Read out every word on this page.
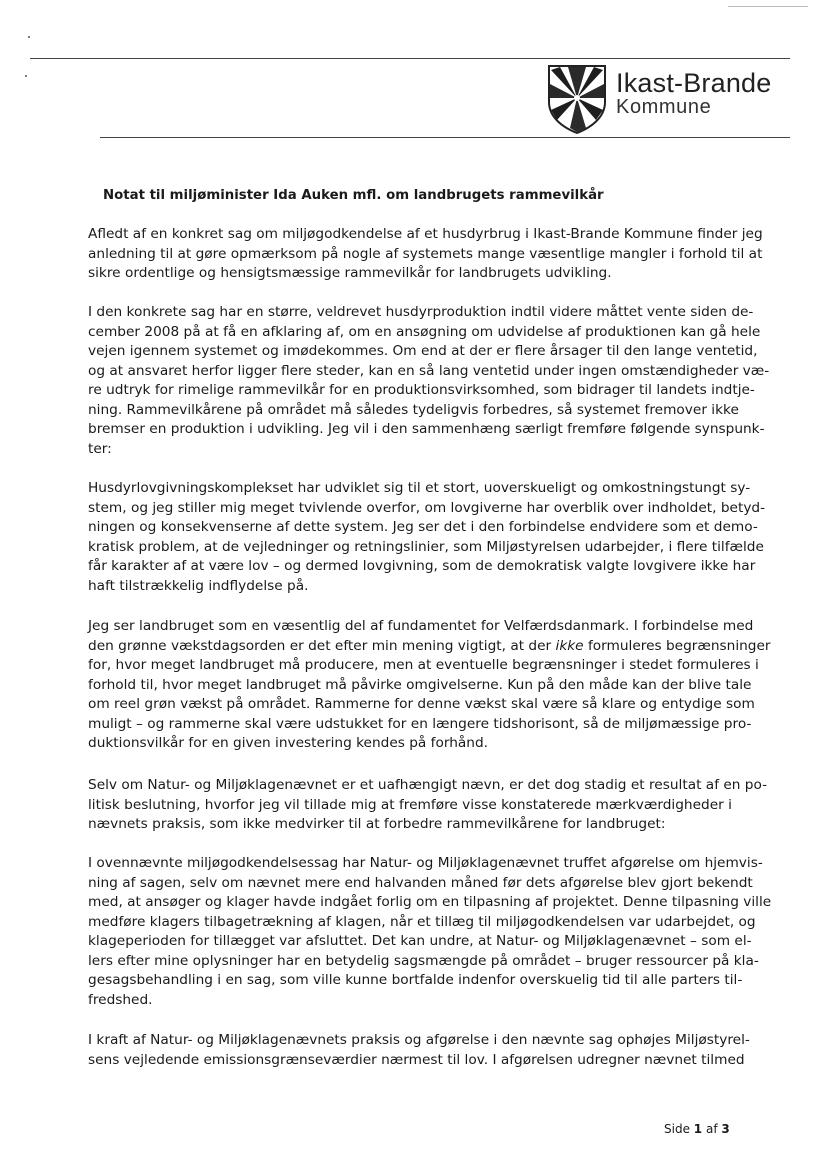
Ikast-Brande
Kommune
Notat til miljøminister Ida Auken mfl. om landbrugets rammevilkår
Afledt af en konkret sag om miljøgodkendelse af et husdyrbrug i Ikast-Brande Kommune finder jeg
anledning til at gøre opmærksom på nogle af systemets mange væsentlige mangler i forhold til at
sikre ordentlige og hensigtsmæssige rammevilkår for landbrugets udvikling.
I den konkrete sag har en større, veldrevet husdyrproduktion indtil videre måttet vente siden de-
cember 2008 på at få en afklaring af, om en ansøgning om udvidelse af produktionen kan gå hele
vejen igennem systemet og imødekommes. Om end at der er flere årsager til den lange ventetid,
og at ansvaret herfor ligger flere steder, kan en så lang ventetid under ingen omstændigheder væ-
re udtryk for rimelige rammevilkår for en produktionsvirksomhed, som bidrager til landets indtje-
ning. Rammevilkårene på området må således tydeligvis forbedres, så systemet fremover ikke
bremser en produktion i udvikling. Jeg vil i den sammenhæng særligt fremføre følgende synspunk-
ter:
Husdyrlovgivningskomplekset har udviklet sig til et stort, uoverskueligt og omkostningstungt sy-
stem, og jeg stiller mig meget tvivlende overfor, om lovgiverne har overblik over indholdet, betyd-
ningen og konsekvenserne af dette system. Jeg ser det i den forbindelse endvidere som et demo-
kratisk problem, at de vejledninger og retningslinier, som Miljøstyrelsen udarbejder, i flere tilfælde
får karakter af at være lov – og dermed lovgivning, som de demokratisk valgte lovgivere ikke har
haft tilstrækkelig indflydelse på.
Jeg ser landbruget som en væsentlig del af fundamentet for Velfærdsdanmark. I forbindelse med
den grønne vækstdagsorden er det efter min mening vigtigt, at der ikke formuleres begrænsninger
for, hvor meget landbruget må producere, men at eventuelle begrænsninger i stedet formuleres i
forhold til, hvor meget landbruget må påvirke omgivelserne. Kun på den måde kan der blive tale
om reel grøn vækst på området. Rammerne for denne vækst skal være så klare og entydige som
muligt – og rammerne skal være udstukket for en længere tidshorisont, så de miljømæssige pro-
duktionsvilkår for en given investering kendes på forhånd.
Selv om Natur- og Miljøklagenævnet er et uafhængigt nævn, er det dog stadig et resultat af en po-
litisk beslutning, hvorfor jeg vil tillade mig at fremføre visse konstaterede mærkværdigheder i
nævnets praksis, som ikke medvirker til at forbedre rammevilkårene for landbruget:
I ovennævnte miljøgodkendelsessag har Natur- og Miljøklagenævnet truffet afgørelse om hjemvis-
ning af sagen, selv om nævnet mere end halvanden måned før dets afgørelse blev gjort bekendt
med, at ansøger og klager havde indgået forlig om en tilpasning af projektet. Denne tilpasning ville
medføre klagers tilbagetrækning af klagen, når et tillæg til miljøgodkendelsen var udarbejdet, og
klageperioden for tillægget var afsluttet. Det kan undre, at Natur- og Miljøklagenævnet – som el-
lers efter mine oplysninger har en betydelig sagsmængde på området – bruger ressourcer på kla-
gesagsbehandling i en sag, som ville kunne bortfalde indenfor overskuelig tid til alle parters til-
fredshed.
I kraft af Natur- og Miljøklagenævnets praksis og afgørelse i den nævnte sag ophøjes Miljøstyrel-
sens vejledende emissionsgrænseværdier nærmest til lov. I afgørelsen udregner nævnet tilmed
Side 1 af 3
